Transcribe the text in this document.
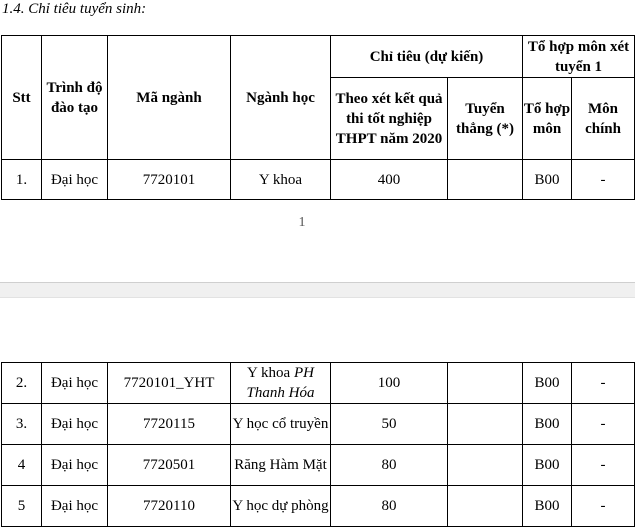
1.4. Chỉ tiêu tuyển sinh:
Stt	Trình độ đào tạo	Mã ngành	Ngành học	Chỉ tiêu (dự kiến)		Tổ hợp môn xét tuyển 1	
				Theo xét kết quả thi tốt nghiệp THPT năm 2020	Tuyển thẳng (*)	Tổ hợp môn	Môn chính
1.	Đại học	7720101	Y khoa	400		B00	-
1
2.	Đại học	7720101_YHT	Y khoa PH Thanh Hóa	100		B00	-
3.	Đại học	7720115	Y học cổ truyền	50		B00	-
4	Đại học	7720501	Răng Hàm Mặt	80		B00	-
5	Đại học	7720110	Y học dự phòng	80		B00	-
